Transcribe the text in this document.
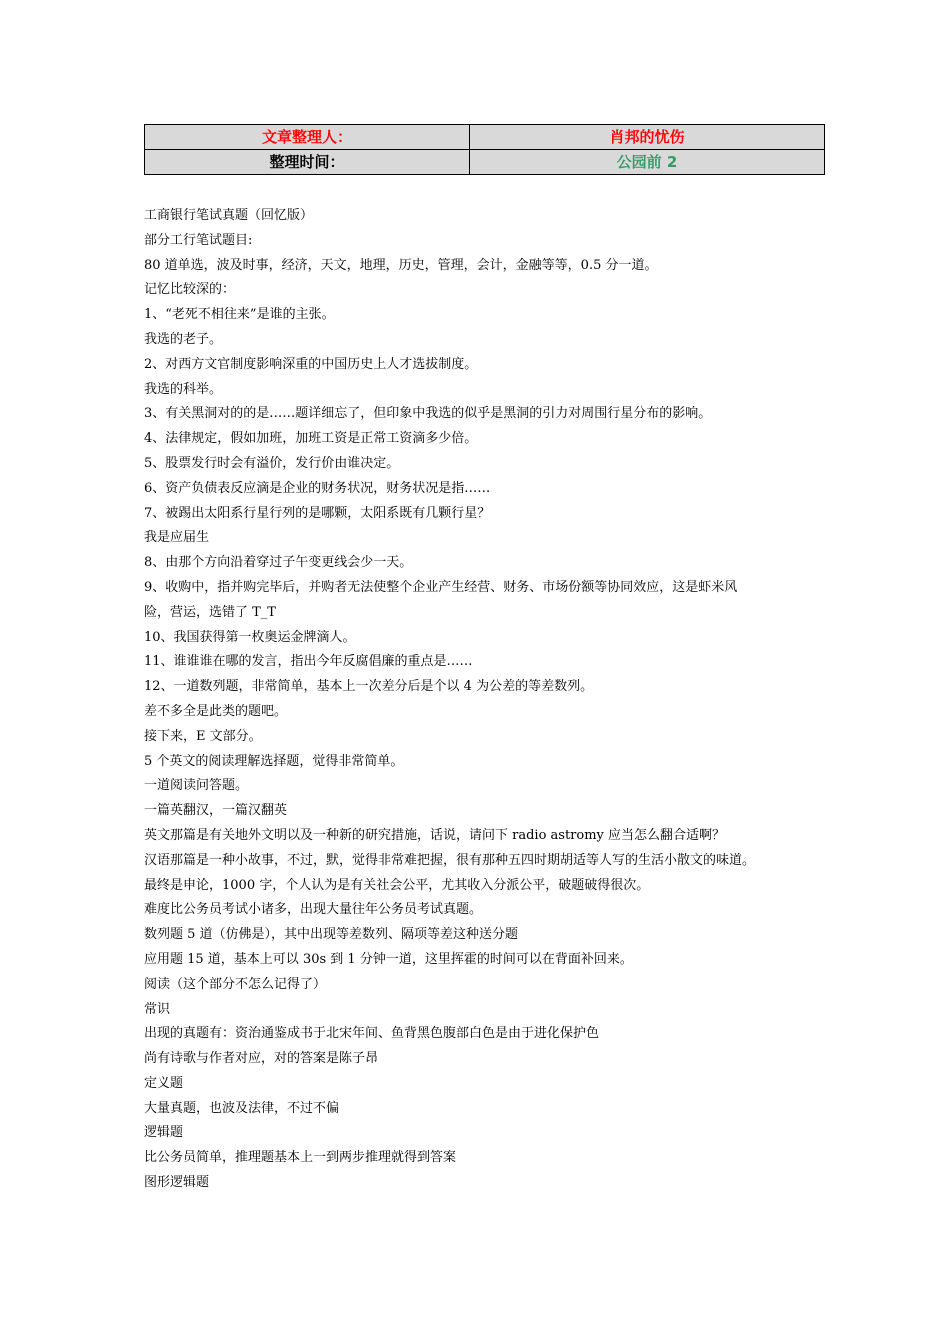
文章整理人：	肖邦的忧伤
整理时间：	公园前 2
工商银行笔试真题（回忆版）
部分工行笔试题目:
80 道单选，波及时事，经济，天文，地理，历史，管理，会计，金融等等，0.5 分一道。
记忆比较深的：
1、“老死不相往来”是谁的主张。
我选的老子。
2、对西方文官制度影响深重的中国历史上人才选拔制度。
我选的科举。
3、有关黑洞对的的是……题详细忘了，但印象中我选的似乎是黑洞的引力对周围行星分布的影响。
4、法律规定，假如加班，加班工资是正常工资滴多少倍。
5、股票发行时会有溢价，发行价由谁决定。
6、资产负债表反应滴是企业的财务状况，财务状况是指……
7、被踢出太阳系行星行列的是哪颗，太阳系既有几颗行星？
我是应届生
8、由那个方向沿着穿过子午变更线会少一天。
9、收购中，指并购完毕后，并购者无法使整个企业产生经营、财务、市场份额等协同效应，这是虾米风
险，营运，选错了 T_T
10、我国获得第一枚奥运金牌滴人。
11、谁谁谁在哪的发言，指出今年反腐倡廉的重点是……
12、一道数列题，非常简单，基本上一次差分后是个以 4 为公差的等差数列。
差不多全是此类的题吧。
接下来，E 文部分。
5 个英文的阅读理解选择题，觉得非常简单。
一道阅读问答题。
一篇英翻汉，一篇汉翻英
英文那篇是有关地外文明以及一种新的研究措施，话说，请问下 radio astromy 应当怎么翻合适啊？
汉语那篇是一种小故事，不过，默，觉得非常难把握，很有那种五四时期胡适等人写的生活小散文的味道。
最终是申论，1000 字，个人认为是有关社会公平，尤其收入分派公平，破题破得很次。
难度比公务员考试小诸多，出现大量往年公务员考试真题。
数列题 5 道（仿佛是），其中出现等差数列、隔项等差这种送分题
应用题 15 道，基本上可以 30s 到 1 分钟一道，这里挥霍的时间可以在背面补回来。
阅读（这个部分不怎么记得了）
常识
出现的真题有：资治通鉴成书于北宋年间、鱼背黑色腹部白色是由于进化保护色
尚有诗歌与作者对应，对的答案是陈子昂
定义题
大量真题，也波及法律，不过不偏
逻辑题
比公务员简单，推理题基本上一到两步推理就得到答案
图形逻辑题
